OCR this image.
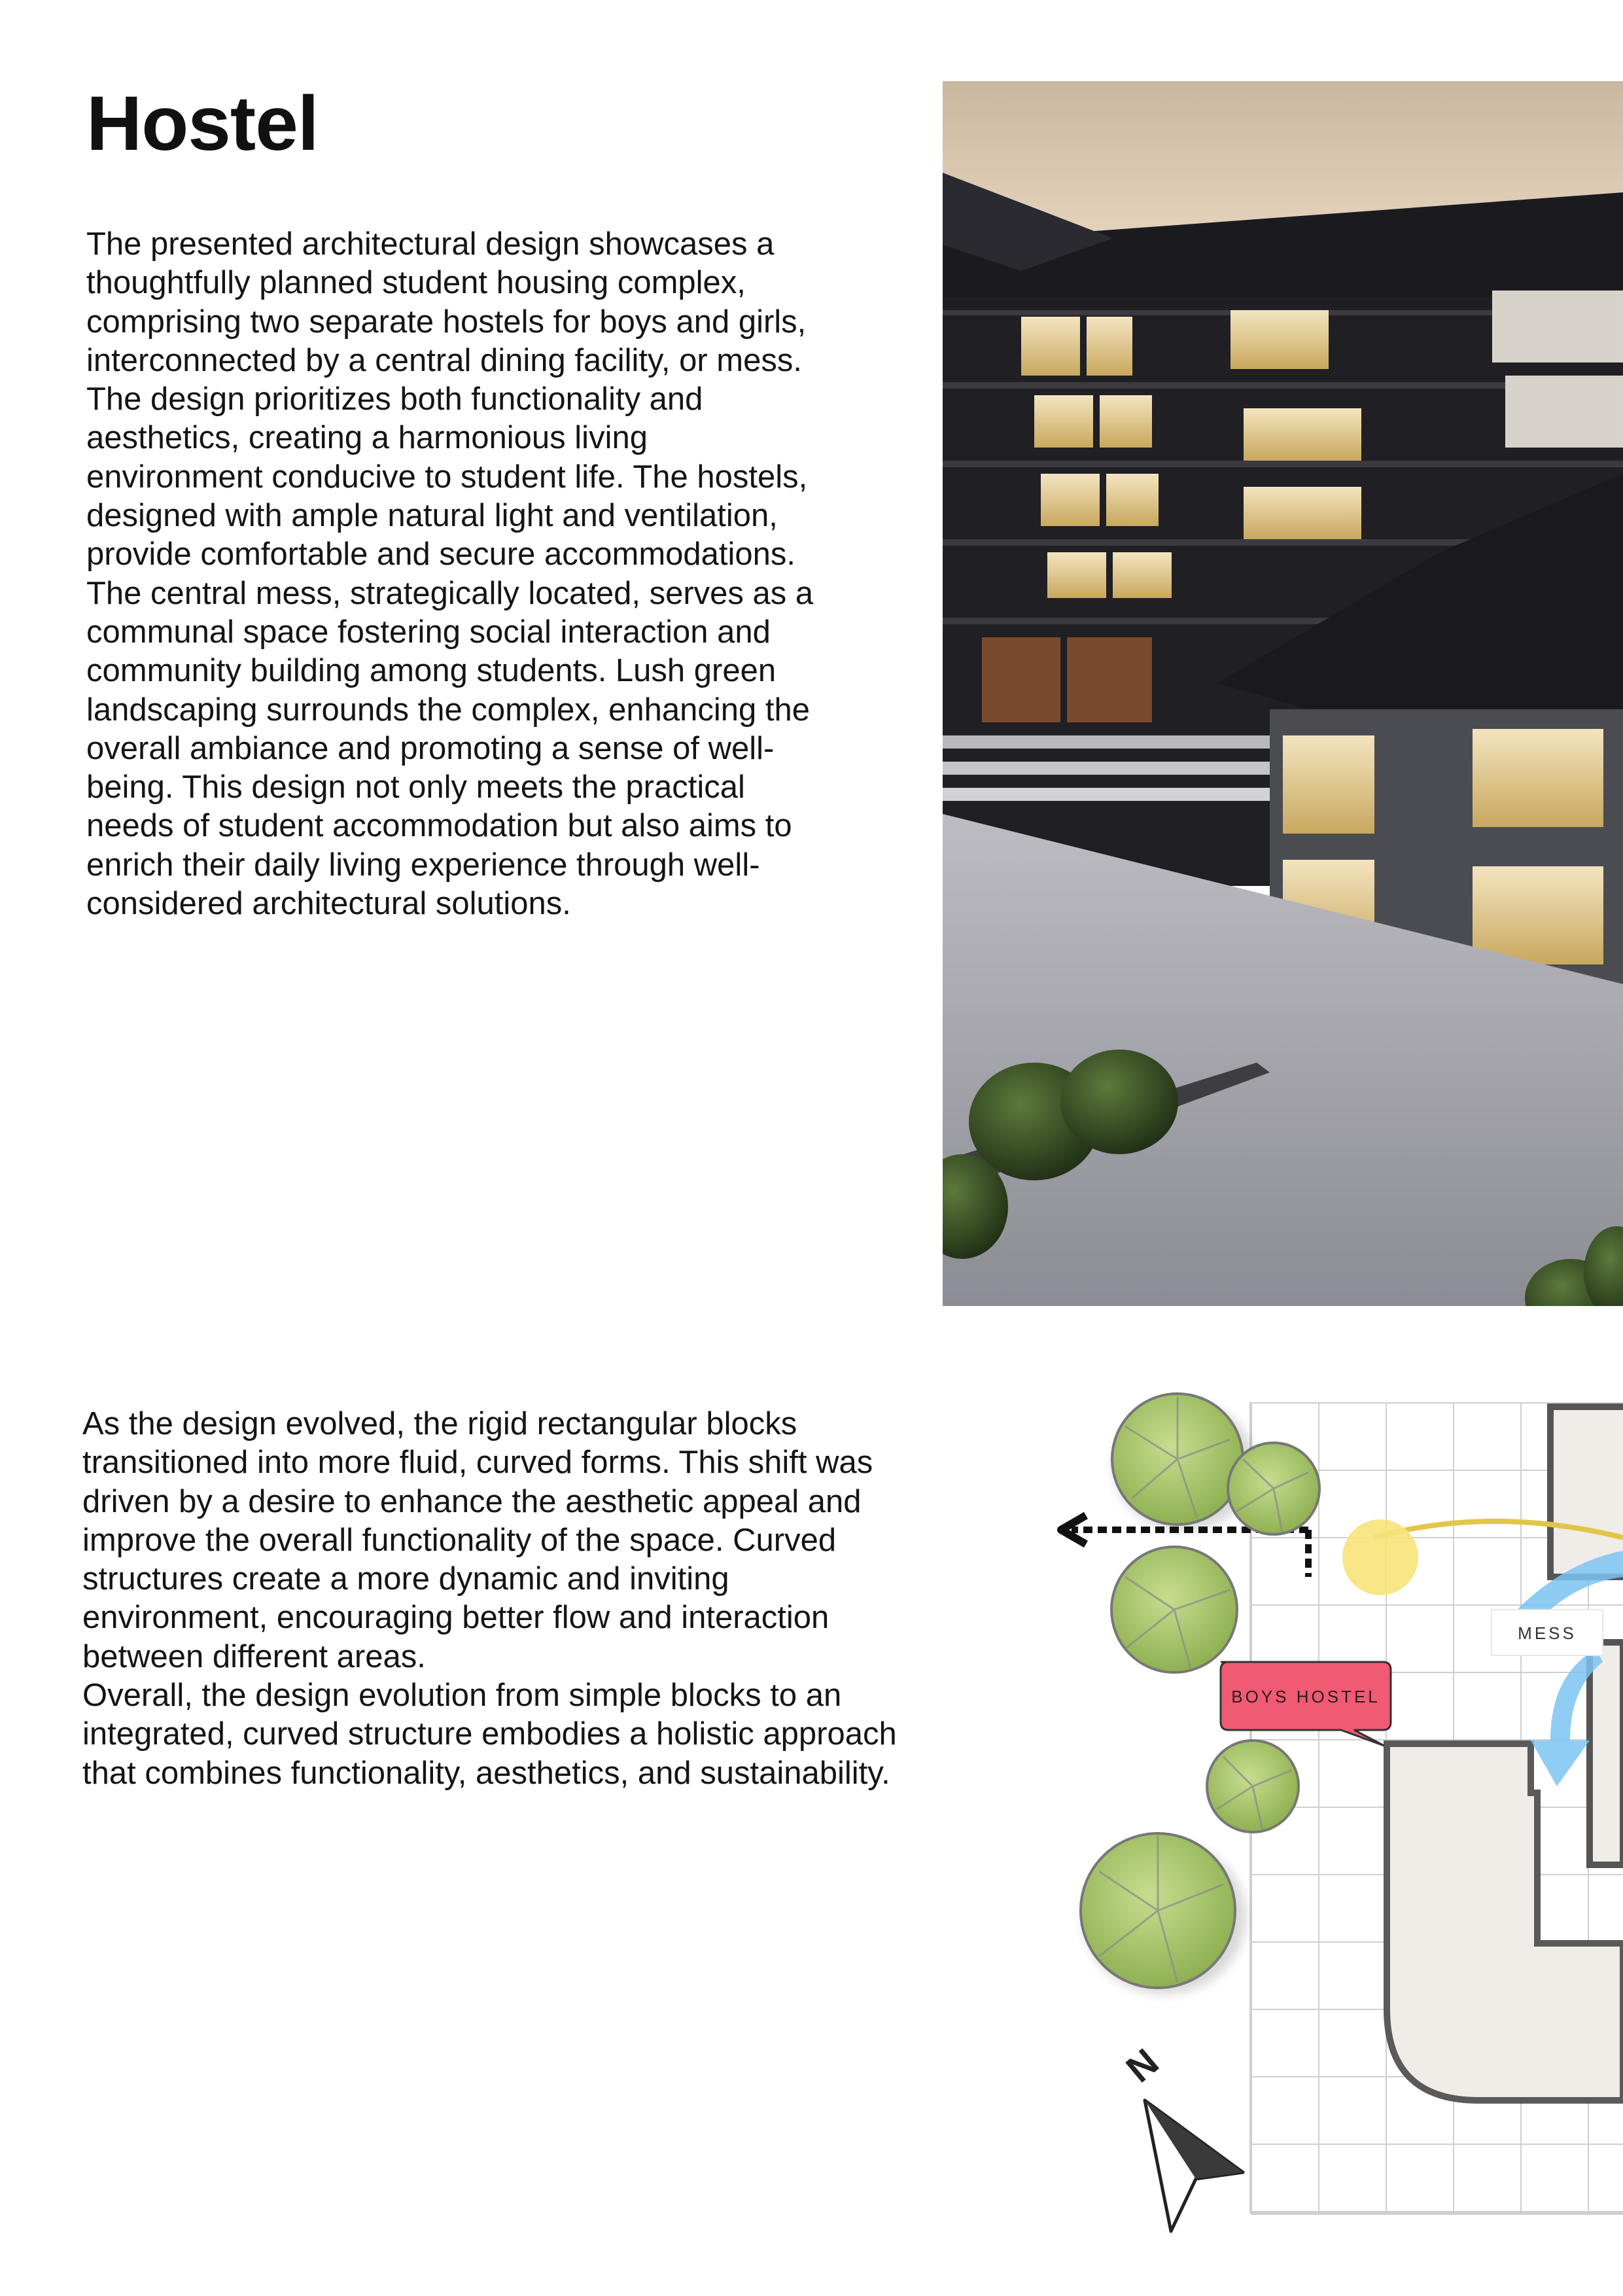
Hostel
The presented architectural design showcases a
thoughtfully planned student housing complex,
comprising two separate hostels for boys and girls,
interconnected by a central dining facility, or mess.
The design prioritizes both functionality and
aesthetics, creating a harmonious living
environment conducive to student life. The hostels,
designed with ample natural light and ventilation,
provide comfortable and secure accommodations.
The central mess, strategically located, serves as a
communal space fostering social interaction and
community building among students. Lush green
landscaping surrounds the complex, enhancing the
overall ambiance and promoting a sense of well-
being. This design not only meets the practical
needs of student accommodation but also aims to
enrich their daily living experience through well-
considered architectural solutions.
As the design evolved, the rigid rectangular blocks
transitioned into more fluid, curved forms. This shift was
driven by a desire to enhance the aesthetic appeal and
improve the overall functionality of the space. Curved
structures create a more dynamic and inviting
environment, encouraging better flow and interaction
between different areas.
Overall, the design evolution from simple blocks to an
integrated, curved structure embodies a holistic approach
that combines functionality, aesthetics, and sustainability.
MESS
BOYS HOSTEL
N
